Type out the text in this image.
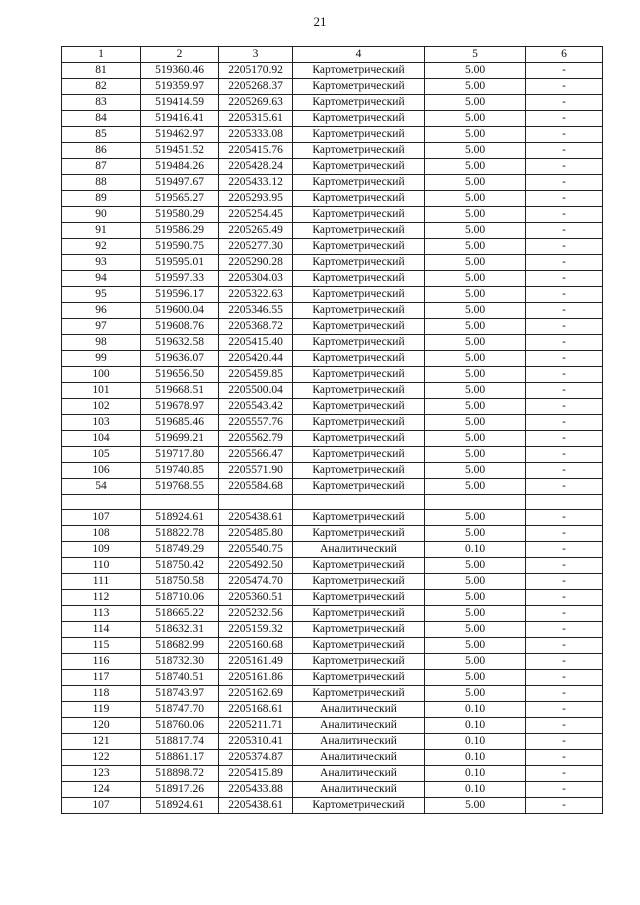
21
1	2	3	4	5	6
81	519360.46	2205170.92	Картометрический	5.00	-
82	519359.97	2205268.37	Картометрический	5.00	-
83	519414.59	2205269.63	Картометрический	5.00	-
84	519416.41	2205315.61	Картометрический	5.00	-
85	519462.97	2205333.08	Картометрический	5.00	-
86	519451.52	2205415.76	Картометрический	5.00	-
87	519484.26	2205428.24	Картометрический	5.00	-
88	519497.67	2205433.12	Картометрический	5.00	-
89	519565.27	2205293.95	Картометрический	5.00	-
90	519580.29	2205254.45	Картометрический	5.00	-
91	519586.29	2205265.49	Картометрический	5.00	-
92	519590.75	2205277.30	Картометрический	5.00	-
93	519595.01	2205290.28	Картометрический	5.00	-
94	519597.33	2205304.03	Картометрический	5.00	-
95	519596.17	2205322.63	Картометрический	5.00	-
96	519600.04	2205346.55	Картометрический	5.00	-
97	519608.76	2205368.72	Картометрический	5.00	-
98	519632.58	2205415.40	Картометрический	5.00	-
99	519636.07	2205420.44	Картометрический	5.00	-
100	519656.50	2205459.85	Картометрический	5.00	-
101	519668.51	2205500.04	Картометрический	5.00	-
102	519678.97	2205543.42	Картометрический	5.00	-
103	519685.46	2205557.76	Картометрический	5.00	-
104	519699.21	2205562.79	Картометрический	5.00	-
105	519717.80	2205566.47	Картометрический	5.00	-
106	519740.85	2205571.90	Картометрический	5.00	-
54	519768.55	2205584.68	Картометрический	5.00	-

107	518924.61	2205438.61	Картометрический	5.00	-
108	518822.78	2205485.80	Картометрический	5.00	-
109	518749.29	2205540.75	Аналитический	0.10	-
110	518750.42	2205492.50	Картометрический	5.00	-
111	518750.58	2205474.70	Картометрический	5.00	-
112	518710.06	2205360.51	Картометрический	5.00	-
113	518665.22	2205232.56	Картометрический	5.00	-
114	518632.31	2205159.32	Картометрический	5.00	-
115	518682.99	2205160.68	Картометрический	5.00	-
116	518732.30	2205161.49	Картометрический	5.00	-
117	518740.51	2205161.86	Картометрический	5.00	-
118	518743.97	2205162.69	Картометрический	5.00	-
119	518747.70	2205168.61	Аналитический	0.10	-
120	518760.06	2205211.71	Аналитический	0.10	-
121	518817.74	2205310.41	Аналитический	0.10	-
122	518861.17	2205374.87	Аналитический	0.10	-
123	518898.72	2205415.89	Аналитический	0.10	-
124	518917.26	2205433.88	Аналитический	0.10	-
107	518924.61	2205438.61	Картометрический	5.00	-
